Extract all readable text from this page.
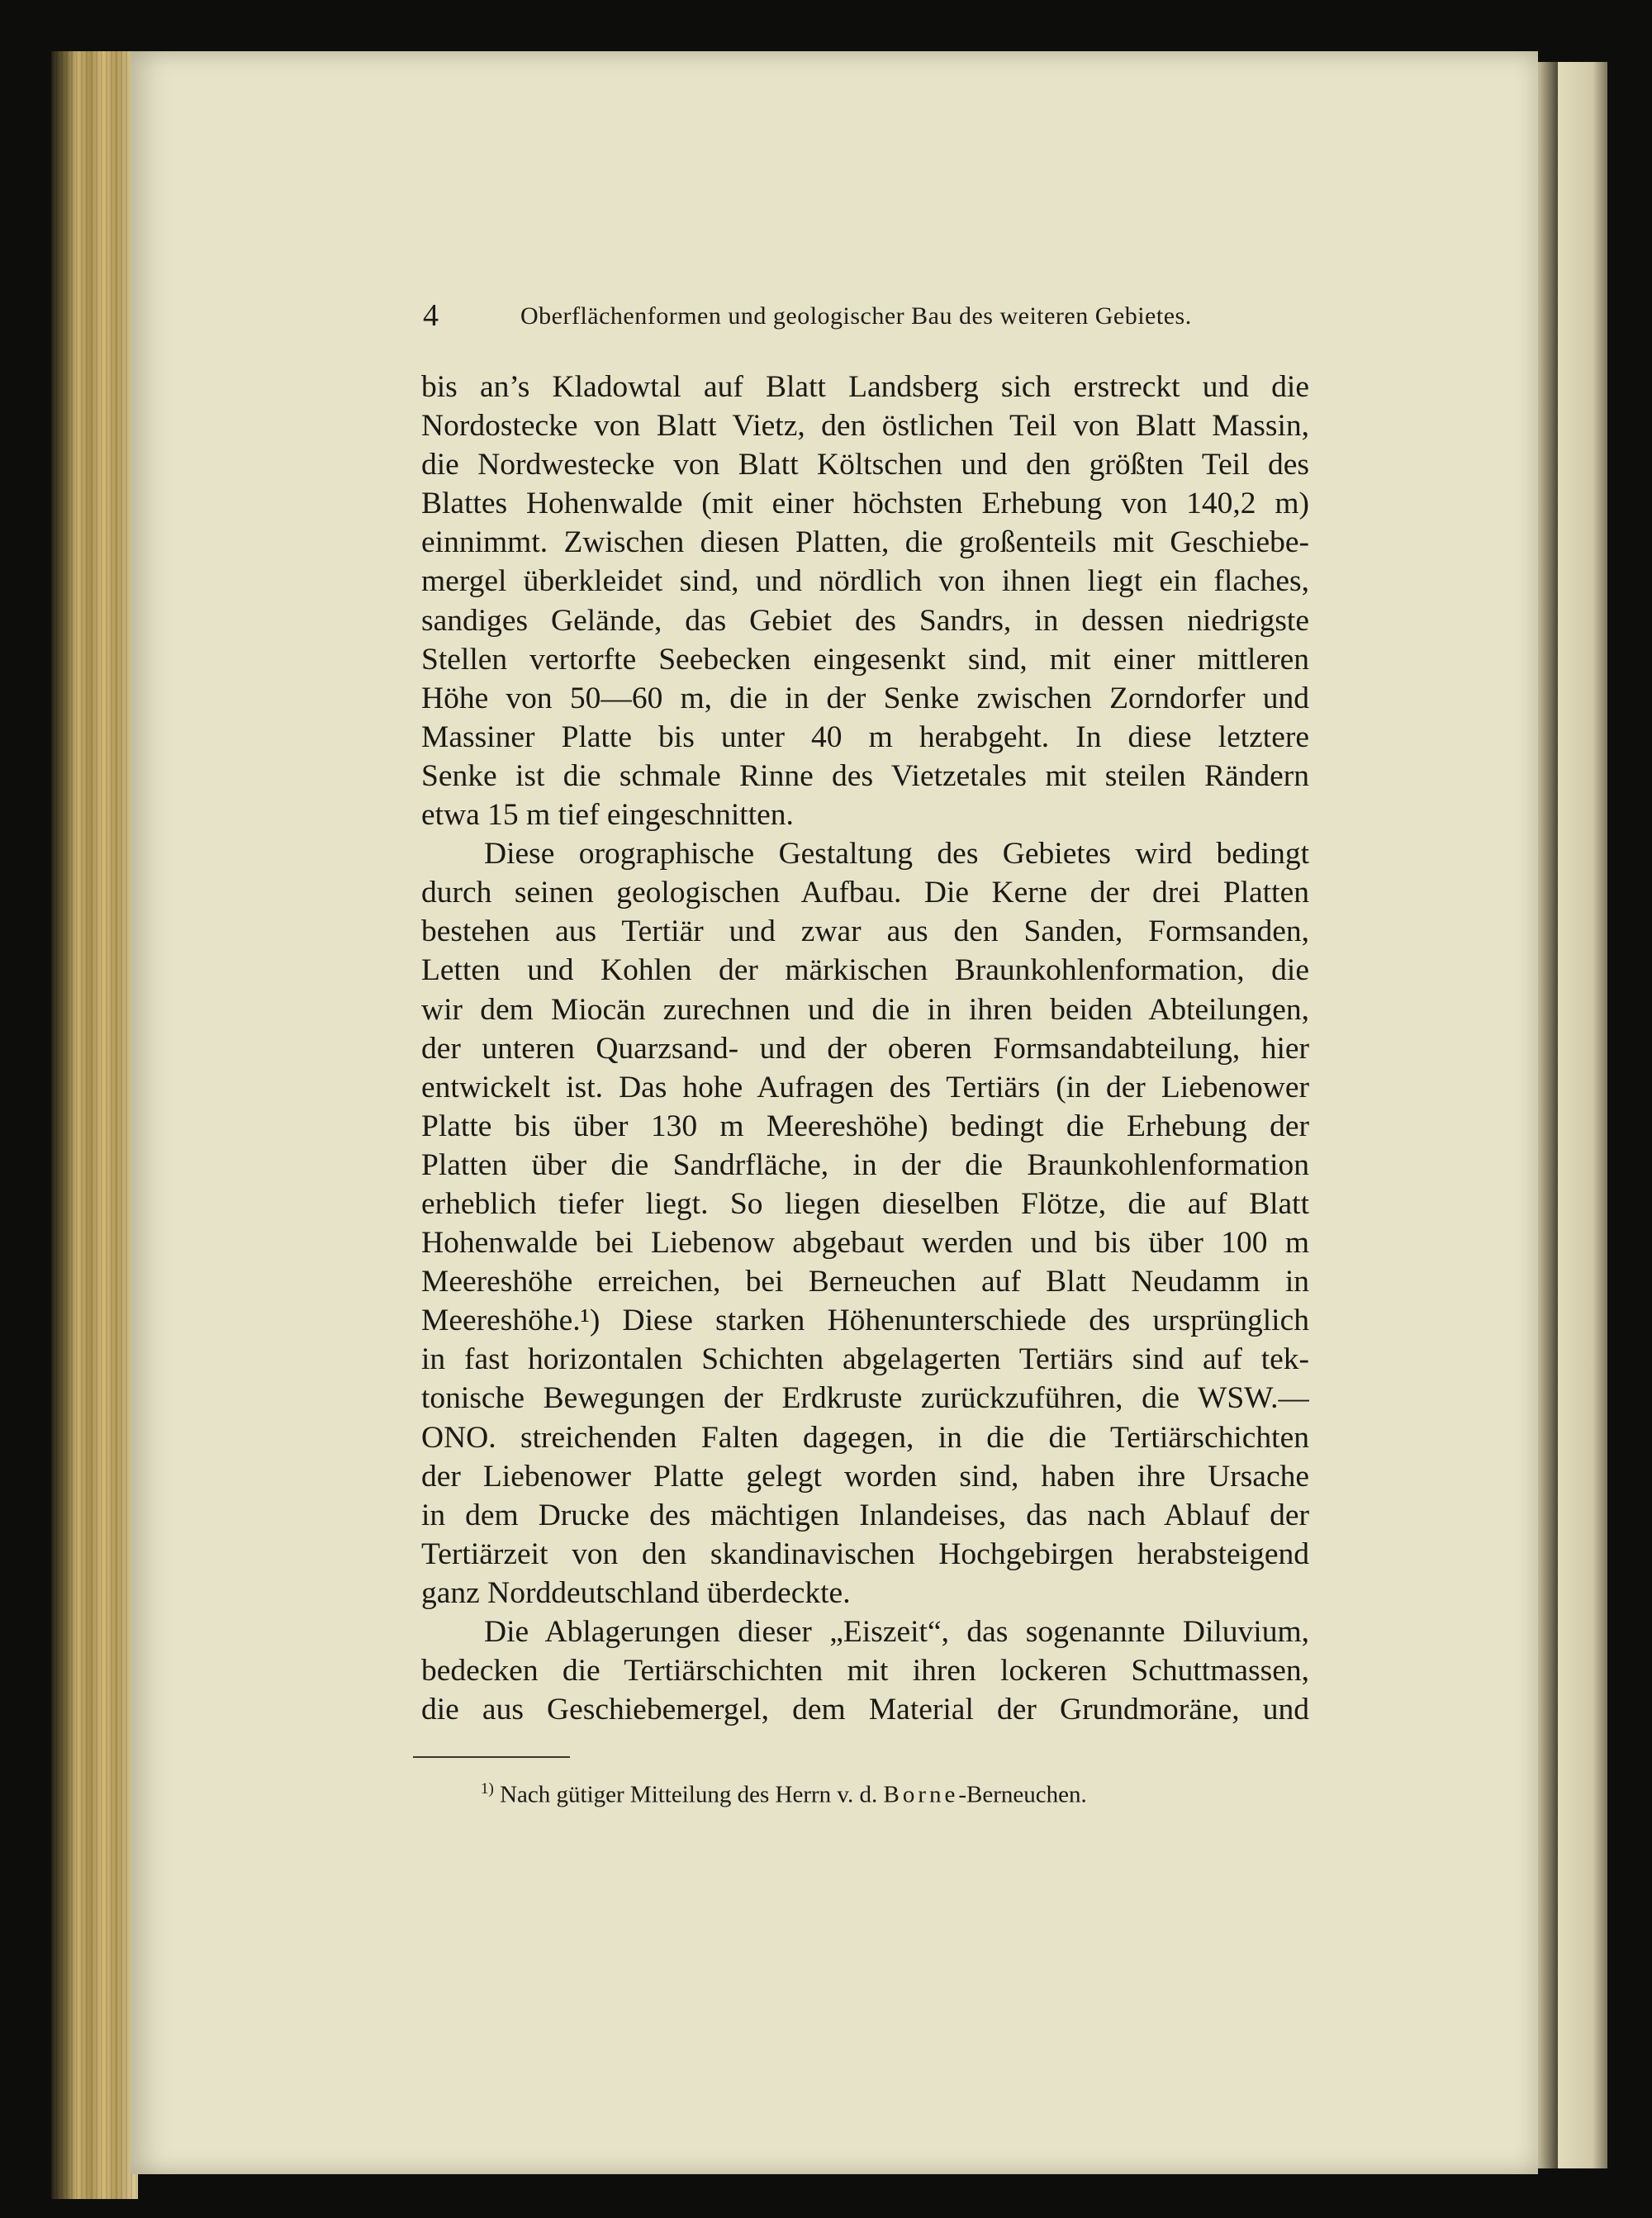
4	Oberflächenformen und geologischer Bau des weiteren Gebietes.
bis an’s Kladowtal auf Blatt Landsberg sich erstreckt und die
Nordostecke von Blatt Vietz, den östlichen Teil von Blatt Massin,
die Nordwestecke von Blatt Költschen und den größten Teil des
Blattes Hohenwalde (mit einer höchsten Erhebung von 140,2 m)
einnimmt. Zwischen diesen Platten, die großenteils mit Geschiebe-
mergel überkleidet sind, und nördlich von ihnen liegt ein flaches,
sandiges Gelände, das Gebiet des Sandrs, in dessen niedrigste
Stellen vertorfte Seebecken eingesenkt sind, mit einer mittleren
Höhe von 50—60 m, die in der Senke zwischen Zorndorfer und
Massiner Platte bis unter 40 m herabgeht. In diese letztere
Senke ist die schmale Rinne des Vietzetales mit steilen Rändern
etwa 15 m tief eingeschnitten.
Diese orographische Gestaltung des Gebietes wird bedingt
durch seinen geologischen Aufbau. Die Kerne der drei Platten
bestehen aus Tertiär und zwar aus den Sanden, Formsanden,
Letten und Kohlen der märkischen Braunkohlenformation, die
wir dem Miocän zurechnen und die in ihren beiden Abteilungen,
der unteren Quarzsand- und der oberen Formsandabteilung, hier
entwickelt ist. Das hohe Aufragen des Tertiärs (in der Liebenower
Platte bis über 130 m Meereshöhe) bedingt die Erhebung der
Platten über die Sandrfläche, in der die Braunkohlenformation
erheblich tiefer liegt. So liegen dieselben Flötze, die auf Blatt
Hohenwalde bei Liebenow abgebaut werden und bis über 100 m
Meereshöhe erreichen, bei Berneuchen auf Blatt Neudamm in
Meereshöhe.¹) Diese starken Höhenunterschiede des ursprünglich
in fast horizontalen Schichten abgelagerten Tertiärs sind auf tek-
tonische Bewegungen der Erdkruste zurückzuführen, die WSW.—
ONO. streichenden Falten dagegen, in die die Tertiärschichten
der Liebenower Platte gelegt worden sind, haben ihre Ursache
in dem Drucke des mächtigen Inlandeises, das nach Ablauf der
Tertiärzeit von den skandinavischen Hochgebirgen herabsteigend
ganz Norddeutschland überdeckte.
Die Ablagerungen dieser „Eiszeit“, das sogenannte Diluvium,
bedecken die Tertiärschichten mit ihren lockeren Schuttmassen,
die aus Geschiebemergel, dem Material der Grundmoräne, und
$^{1)}$ Nach gütiger Mitteilung des Herrn v. d. Borne-Berneuchen.
